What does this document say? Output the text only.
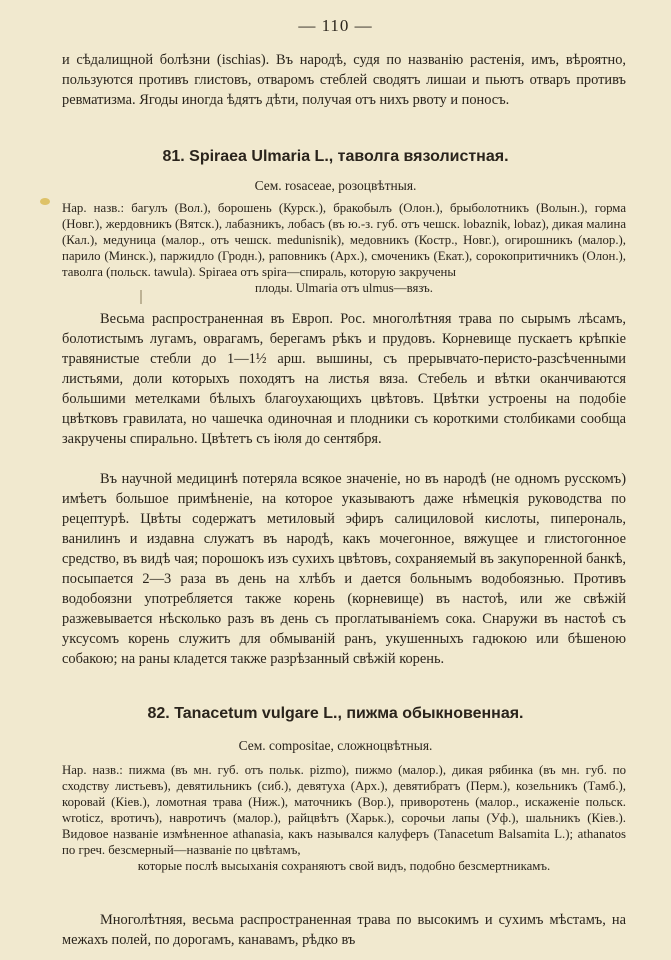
— 110 —
и сѣдалищной болѣзни (ischias). Въ народѣ, судя по названію растенія, имъ, вѣроятно, пользуются противъ глистовъ, отваромъ стеблей сводятъ лишаи и пьютъ отваръ противъ ревматизма. Ягоды иногда ѣдятъ дѣти, получая отъ нихъ рвоту и поносъ.
81. Spiraea Ulmaria L., таволга вязолистная.
Сем. rosaceae, розоцвѣтныя.
Нар. назв.: багулъ (Вол.), борошень (Курск.), бракобылъ (Олон.), брыболотникъ (Волын.), горма (Новг.), жердовникъ (Вятск.), лабазникъ, лобасъ (въ ю.-з. губ. отъ чешск. lobaznik, lobaz), дикая малина (Кал.), медуница (малор., отъ чешск. medunisnik), медовникъ (Костр., Новг.), огирошникъ (малор.), парило (Минск.), паржидло (Гродн.), раповникъ (Арх.), смоченикъ (Екат.), сорокопритичникъ (Олон.), таволга (польск. tawula). Spiraea отъ spira—спираль, которую закручены
плоды. Ulmaria отъ ulmus—вязъ.
Весьма распространенная въ Европ. Рос. многолѣтняя трава по сырымъ лѣсамъ, болотистымъ лугамъ, оврагамъ, берегамъ рѣкъ и прудовъ. Корневище пускаетъ крѣпкіе травянистые стебли до 1—1½ арш. вышины, съ прерывчато-перисто-разсѣченными листьями, доли которыхъ походятъ на листья вяза. Стебель и вѣтки оканчиваются большими метелками бѣлыхъ благоухающихъ цвѣтовъ. Цвѣтки устроены на подобіе цвѣтковъ гравилата, но чашечка одиночная и плодники съ короткими столбиками сообща закручены спирально. Цвѣтетъ съ іюля до сентября.
Въ научной медицинѣ потеряла всякое значеніе, но въ народѣ (не одномъ русскомъ) имѣетъ большое примѣненіе, на которое указываютъ даже нѣмецкія руководства по рецептурѣ. Цвѣты содержатъ метиловый эфиръ салициловой кислоты, пиперональ, ванилинъ и издавна служатъ въ народѣ, какъ мочегонное, вяжущее и глистогонное средство, въ видѣ чая; порошокъ изъ сухихъ цвѣтовъ, сохраняемый въ закупоренной банкѣ, посыпается 2—3 раза въ день на хлѣбъ и дается больнымъ водобоязнью. Противъ водобоязни употребляется также корень (корневище) въ настоѣ, или же свѣжій разжевывается нѣсколько разъ въ день съ проглатываніемъ сока. Снаружи въ настоѣ съ уксусомъ корень служитъ для обмываній ранъ, укушенныхъ гадюкою или бѣшеною собакою; на раны кладется также разрѣзанный свѣжій корень.
82. Tanacetum vulgare L., пижма обыкновенная.
Сем. compositae, сложноцвѣтныя.
Нар. назв.: пижма (въ мн. губ. отъ польк. pizmo), пижмо (малор.), дикая рябинка (въ мн. губ. по сходству листьевъ), девятильникъ (сиб.), девятуха (Арх.), девятибратъ (Перм.), козельникъ (Тамб.), коровай (Кіев.), ломотная трава (Ниж.), маточникъ (Вор.), приворотень (малор., искаженіе польск. wrotiсz, вротичъ), навротичъ (малор.), райцвѣтъ (Харьк.), сорочьи лапы (Уф.), шальникъ (Кіев.). Видовое названіе измѣненное athanasia, какъ назывался калуферъ (Tanacetum Balsamita L.); athanatos по греч. безсмерный—названіе по цвѣтамъ,
которые послѣ высыханія сохраняютъ свой видъ, подобно безсмертникамъ.
Многолѣтняя, весьма распространенная трава по высокимъ и сухимъ мѣстамъ, на межахъ полей, по дорогамъ, канавамъ, рѣдко въ
